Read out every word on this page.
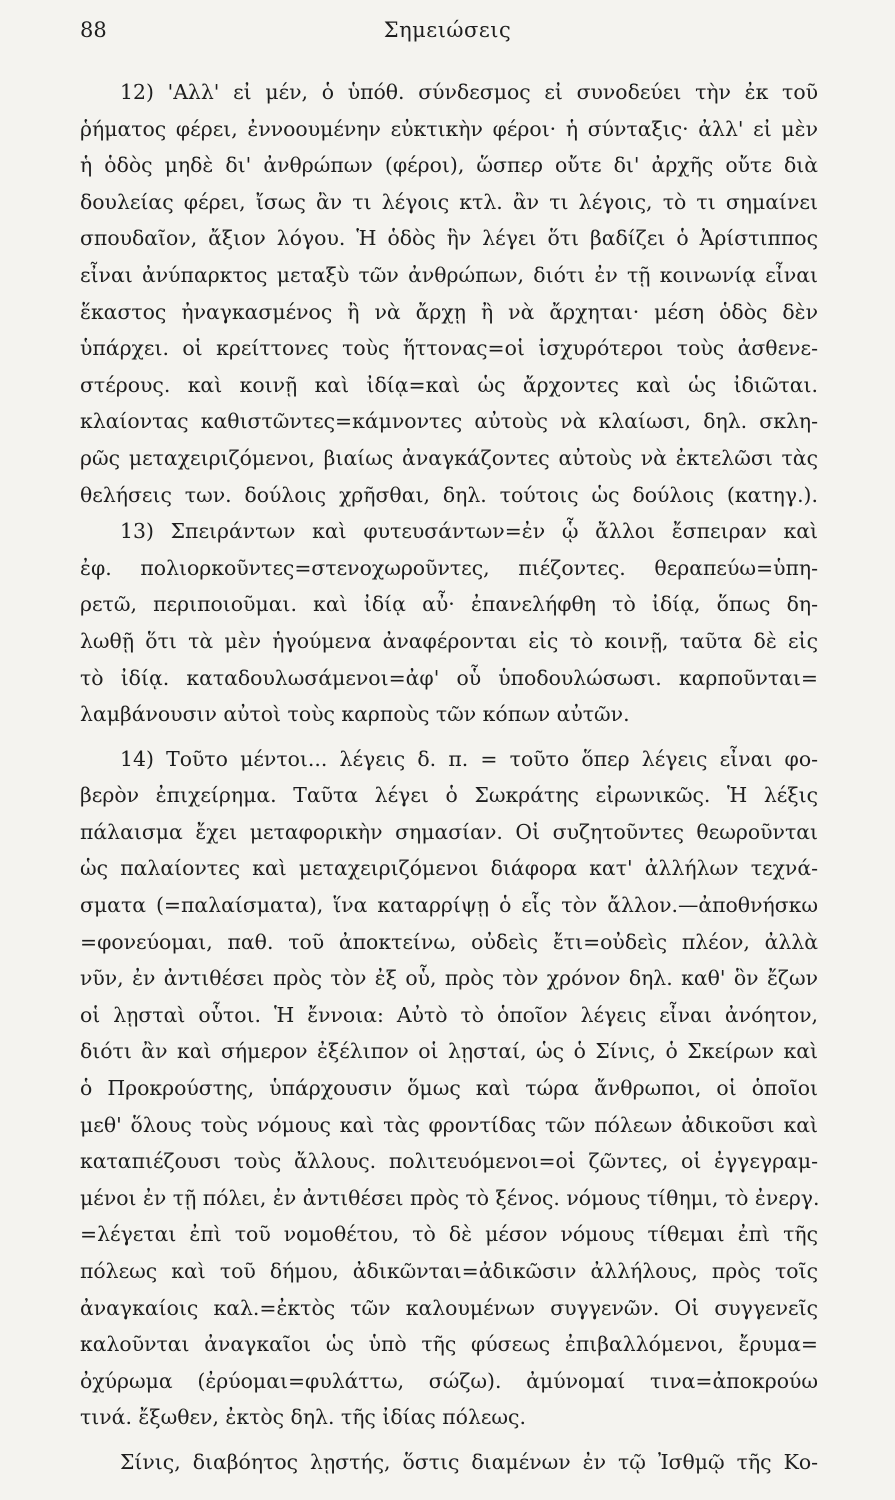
88	Σημειώσεις
12) 'Αλλ' εἰ μέν, ὁ ὑπόθ. σύνδεσμος εἰ συνοδεύει τὴν ἐκ τοῦ
ῥήματος φέρει, ἐννοουμένην εὐκτικὴν φέροι· ἡ σύνταξις· ἀλλ' εἰ μὲν
ἡ ὁδὸς μηδὲ δι' ἀνθρώπων (φέροι), ὥσπερ οὔτε δι' ἀρχῆς οὔτε διὰ
δουλείας φέρει, ἴσως ἂν τι λέγοις κτλ. ἂν τι λέγοις, τὸ τι σημαίνει
σπουδαῖον, ἄξιον λόγου. Ἡ ὁδὸς ἣν λέγει ὅτι βαδίζει ὁ Ἀρίστιππος
εἶναι ἀνύπαρκτος μεταξὺ τῶν ἀνθρώπων, διότι ἐν τῇ κοινωνίᾳ εἶναι
ἕκαστος ἠναγκασμένος ἢ νὰ ἄρχῃ ἢ νὰ ἄρχηται· μέση ὁδὸς δὲν
ὑπάρχει. οἱ κρείττονες τοὺς ἥττονας=οἱ ἰσχυρότεροι τοὺς ἀσθενε-
στέρους. καὶ κοινῇ καὶ ἰδίᾳ=καὶ ὡς ἄρχοντες καὶ ὡς ἰδιῶται.
κλαίοντας καθιστῶντες=κάμνοντες αὐτοὺς νὰ κλαίωσι, δηλ. σκλη-
ρῶς μεταχειριζόμενοι, βιαίως ἀναγκάζοντες αὐτοὺς νὰ ἐκτελῶσι τὰς
θελήσεις των. δούλοις χρῆσθαι, δηλ. τούτοις ὡς δούλοις (κατηγ.).
13) Σπειράντων καὶ φυτευσάντων=ἐν ᾧ ἄλλοι ἔσπειραν καὶ
ἐφ. πολιορκοῦντες=στενοχωροῦντες, πιέζοντες. θεραπεύω=ὑπη-
ρετῶ, περιποιοῦμαι. καὶ ἰδίᾳ αὖ· ἐπανελήφθη τὸ ἰδίᾳ, ὅπως δη-
λωθῇ ὅτι τὰ μὲν ἡγούμενα ἀναφέρονται εἰς τὸ κοινῇ, ταῦτα δὲ εἰς
τὸ ἰδίᾳ. καταδουλωσάμενοι=ἀφ' οὗ ὑποδουλώσωσι. καρποῦνται=
λαμβάνουσιν αὐτοὶ τοὺς καρποὺς τῶν κόπων αὐτῶν.
14) Τοῦτο μέντοι... λέγεις δ. π. = τοῦτο ὅπερ λέγεις εἶναι φο-
βερὸν ἐπιχείρημα. Ταῦτα λέγει ὁ Σωκράτης εἰρωνικῶς. Ἡ λέξις
πάλαισμα ἔχει μεταφορικὴν σημασίαν. Οἱ συζητοῦντες θεωροῦνται
ὡς παλαίοντες καὶ μεταχειριζόμενοι διάφορα κατ' ἀλλήλων τεχνά-
σματα (=παλαίσματα), ἵνα καταρρίψῃ ὁ εἷς τὸν ἄλλον.—ἀποθνήσκω
=φονεύομαι, παθ. τοῦ ἀποκτείνω, οὐδεὶς ἔτι=οὐδεὶς πλέον, ἀλλὰ
νῦν, ἐν ἀντιθέσει πρὸς τὸν ἐξ οὗ, πρὸς τὸν χρόνον δηλ. καθ' ὃν ἔζων
οἱ λῃσταὶ οὗτοι. Ἡ ἔννοια: Αὐτὸ τὸ ὁποῖον λέγεις εἶναι ἀνόητον,
διότι ἂν καὶ σήμερον ἐξέλιπον οἱ λῃσταί, ὡς ὁ Σίνις, ὁ Σκείρων καὶ
ὁ Προκρούστης, ὑπάρχουσιν ὅμως καὶ τώρα ἄνθρωποι, οἱ ὁποῖοι
μεθ' ὅλους τοὺς νόμους καὶ τὰς φροντίδας τῶν πόλεων ἀδικοῦσι καὶ
καταπιέζουσι τοὺς ἄλλους. πολιτευόμενοι=οἱ ζῶντες, οἱ ἐγγεγραμ-
μένοι ἐν τῇ πόλει, ἐν ἀντιθέσει πρὸς τὸ ξένος. νόμους τίθημι, τὸ ἐνεργ.
=λέγεται ἐπὶ τοῦ νομοθέτου, τὸ δὲ μέσον νόμους τίθεμαι ἐπὶ τῆς
πόλεως καὶ τοῦ δήμου, ἀδικῶνται=ἀδικῶσιν ἀλλήλους, πρὸς τοῖς
ἀναγκαίοις καλ.=ἐκτὸς τῶν καλουμένων συγγενῶν. Οἱ συγγενεῖς
καλοῦνται ἀναγκαῖοι ὡς ὑπὸ τῆς φύσεως ἐπιβαλλόμενοι, ἔρυμα=
ὀχύρωμα (ἐρύομαι=φυλάττω, σώζω). ἀμύνομαί τινα=ἀποκρούω
τινά. ἔξωθεν, ἐκτὸς δηλ. τῆς ἰδίας πόλεως.
Σίνις, διαβόητος λῃστής, ὅστις διαμένων ἐν τῷ Ἰσθμῷ τῆς Κο-
